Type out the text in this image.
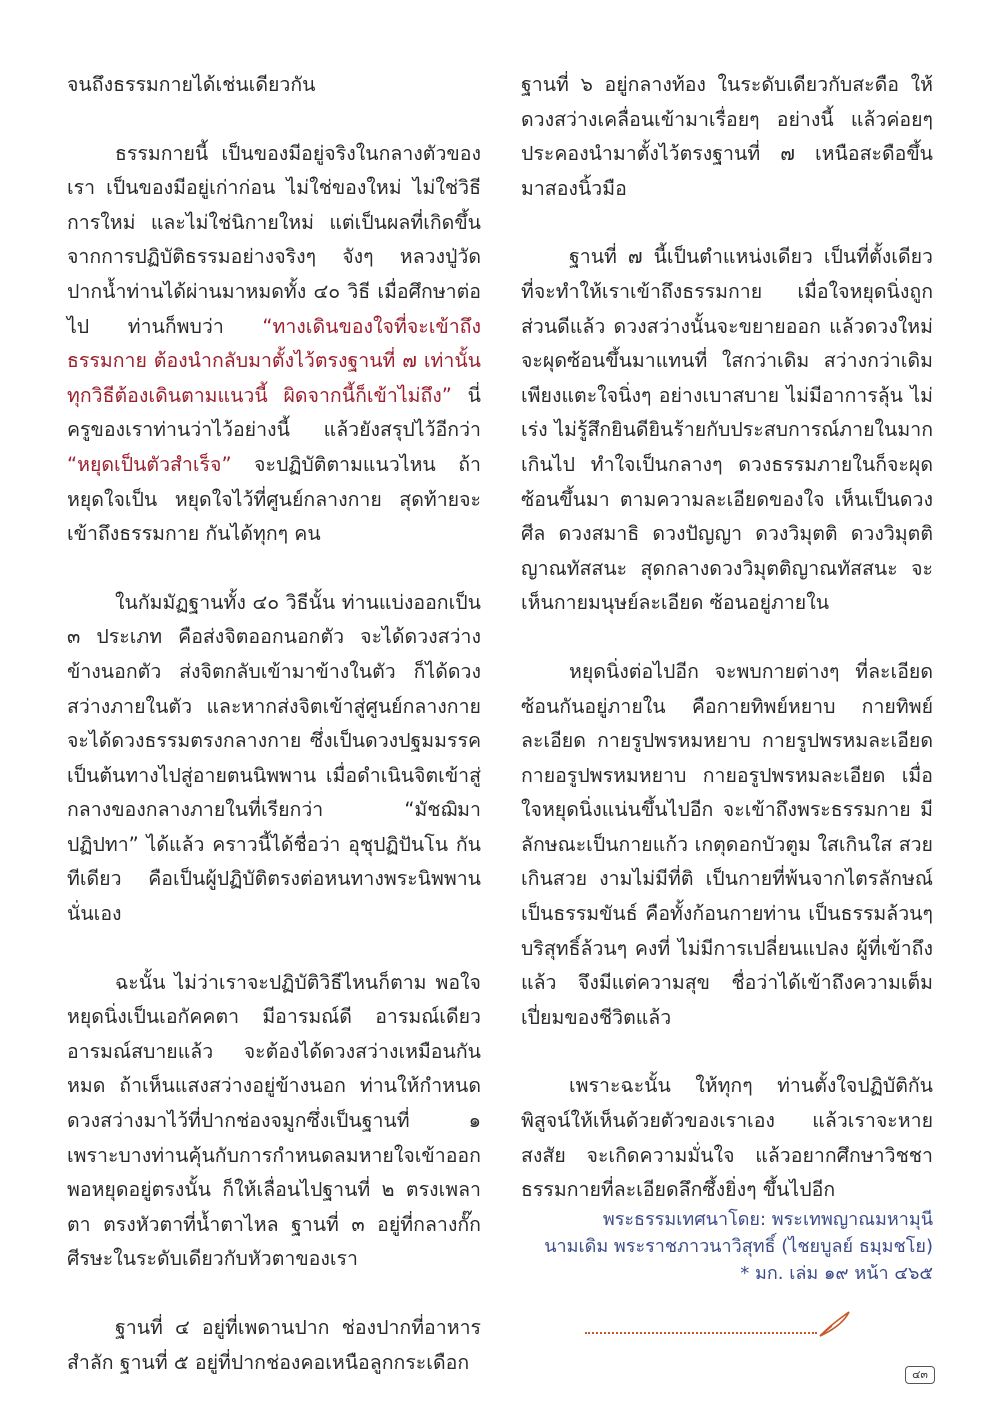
จนถึงธรรมกายได้เช่นเดียวกัน

ธรรมกายนี้ เป็นของมีอยู่จริงในกลางตัวของเรา เป็นของมีอยู่เก่าก่อน ไม่ใช่ของใหม่ ไม่ใช่วิธีการใหม่ และไม่ใช่นิกายใหม่ แต่เป็นผลที่เกิดขึ้นจากการปฏิบัติธรรมอย่างจริงๆ จังๆ หลวงปู่วัดปากน้ำท่านได้ผ่านมาหมดทั้ง ๔๐ วิธี เมื่อศึกษาต่อไป ท่านก็พบว่า “ทางเดินของใจที่จะเข้าถึงธรรมกาย ต้องนำกลับมาตั้งไว้ตรงฐานที่ ๗ เท่านั้น ทุกวิธีต้องเดินตามแนวนี้ ผิดจากนี้ก็เข้าไม่ถึง” นี่ครูของเราท่านว่าไว้อย่างนี้ แล้วยังสรุปไว้อีกว่า “หยุดเป็นตัวสำเร็จ” จะปฏิบัติตามแนวไหน ถ้าหยุดใจเป็น หยุดใจไว้ที่ศูนย์กลางกาย สุดท้ายจะเข้าถึงธรรมกาย กันได้ทุกๆ คน

ในกัมมัฏฐานทั้ง ๔๐ วิธีนั้น ท่านแบ่งออกเป็น ๓ ประเภท คือส่งจิตออกนอกตัว จะได้ดวงสว่างข้างนอกตัว ส่งจิตกลับเข้ามาข้างในตัว ก็ได้ดวงสว่างภายในตัว และหากส่งจิตเข้าสู่ศูนย์กลางกายจะได้ดวงธรรมตรงกลางกาย ซึ่งเป็นดวงปฐมมรรค เป็นต้นทางไปสู่อายตนนิพพาน เมื่อดำเนินจิตเข้าสู่กลางของกลางภายในที่เรียกว่า “มัชฌิมา ปฏิปทา” ได้แล้ว คราวนี้ได้ชื่อว่า อุชุปฏิปันโน กันทีเดียว คือเป็นผู้ปฏิบัติตรงต่อหนทางพระนิพพานนั่นเอง

ฉะนั้น ไม่ว่าเราจะปฏิบัติวิธีไหนก็ตาม พอใจหยุดนิ่งเป็นเอกัคคตา มีอารมณ์ดี อารมณ์เดียว อารมณ์สบายแล้ว จะต้องได้ดวงสว่างเหมือนกันหมด ถ้าเห็นแสงสว่างอยู่ข้างนอก ท่านให้กำหนดดวงสว่างมาไว้ที่ปากช่องจมูกซึ่งเป็นฐานที่ ๑ เพราะบางท่านคุ้นกับการกำหนดลมหายใจเข้าออก พอหยุดอยู่ตรงนั้น ก็ให้เลื่อนไปฐานที่ ๒ ตรงเพลาตา ตรงหัวตาที่น้ำตาไหล ฐานที่ ๓ อยู่ที่กลางกั๊กศีรษะในระดับเดียวกับหัวตาของเรา

ฐานที่ ๔ อยู่ที่เพดานปาก ช่องปากที่อาหารสำลัก ฐานที่ ๕ อยู่ที่ปากช่องคอเหนือลูกกระเดือก

ฐานที่ ๖ อยู่กลางท้อง ในระดับเดียวกับสะดือ ให้ดวงสว่างเคลื่อนเข้ามาเรื่อยๆ อย่างนี้ แล้วค่อยๆ ประคองนำมาตั้งไว้ตรงฐานที่ ๗ เหนือสะดือขึ้นมาสองนิ้วมือ

ฐานที่ ๗ นี้เป็นตำแหน่งเดียว เป็นที่ตั้งเดียว ที่จะทำให้เราเข้าถึงธรรมกาย เมื่อใจหยุดนิ่งถูกส่วนดีแล้ว ดวงสว่างนั้นจะขยายออก แล้วดวงใหม่จะผุดซ้อนขึ้นมาแทนที่ ใสกว่าเดิม สว่างกว่าเดิม เพียงแตะใจนิ่งๆ อย่างเบาสบาย ไม่มีอาการลุ้น ไม่เร่ง ไม่รู้สึกยินดียินร้ายกับประสบการณ์ภายในมากเกินไป ทำใจเป็นกลางๆ ดวงธรรมภายในก็จะผุดซ้อนขึ้นมา ตามความละเอียดของใจ เห็นเป็นดวงศีล ดวงสมาธิ ดวงปัญญา ดวงวิมุตติ ดวงวิมุตติญาณทัสสนะ สุดกลางดวงวิมุตติญาณทัสสนะ จะเห็นกายมนุษย์ละเอียด ซ้อนอยู่ภายใน

หยุดนิ่งต่อไปอีก จะพบกายต่างๆ ที่ละเอียดซ้อนกันอยู่ภายใน คือกายทิพย์หยาบ กายทิพย์ละเอียด กายรูปพรหมหยาบ กายรูปพรหมละเอียด กายอรูปพรหมหยาบ กายอรูปพรหมละเอียด เมื่อใจหยุดนิ่งแน่นขึ้นไปอีก จะเข้าถึงพระธรรมกาย มีลักษณะเป็นกายแก้ว เกตุดอกบัวตูม ใสเกินใส สวยเกินสวย งามไม่มีที่ติ เป็นกายที่พ้นจากไตรลักษณ์ เป็นธรรมขันธ์ คือทั้งก้อนกายท่าน เป็นธรรมล้วนๆ บริสุทธิ์ล้วนๆ คงที่ ไม่มีการเปลี่ยนแปลง ผู้ที่เข้าถึงแล้ว จึงมีแต่ความสุข ชื่อว่าได้เข้าถึงความเต็มเปี่ยมของชีวิตแล้ว

เพราะฉะนั้น ให้ทุกๆ ท่านตั้งใจปฏิบัติกัน พิสูจน์ให้เห็นด้วยตัวของเราเอง แล้วเราจะหายสงสัย จะเกิดความมั่นใจ แล้วอยากศึกษาวิชชาธรรมกายที่ละเอียดลึกซึ้งยิ่งๆ ขึ้นไปอีก

พระธรรมเทศนาโดย: พระเทพญาณมหามุนี
นามเดิม พระราชภาวนาวิสุทธิ์ (ไชยบูลย์ ธมฺมชโย)
* มก. เล่ม ๑๙ หน้า ๔๖๕
๔๓
